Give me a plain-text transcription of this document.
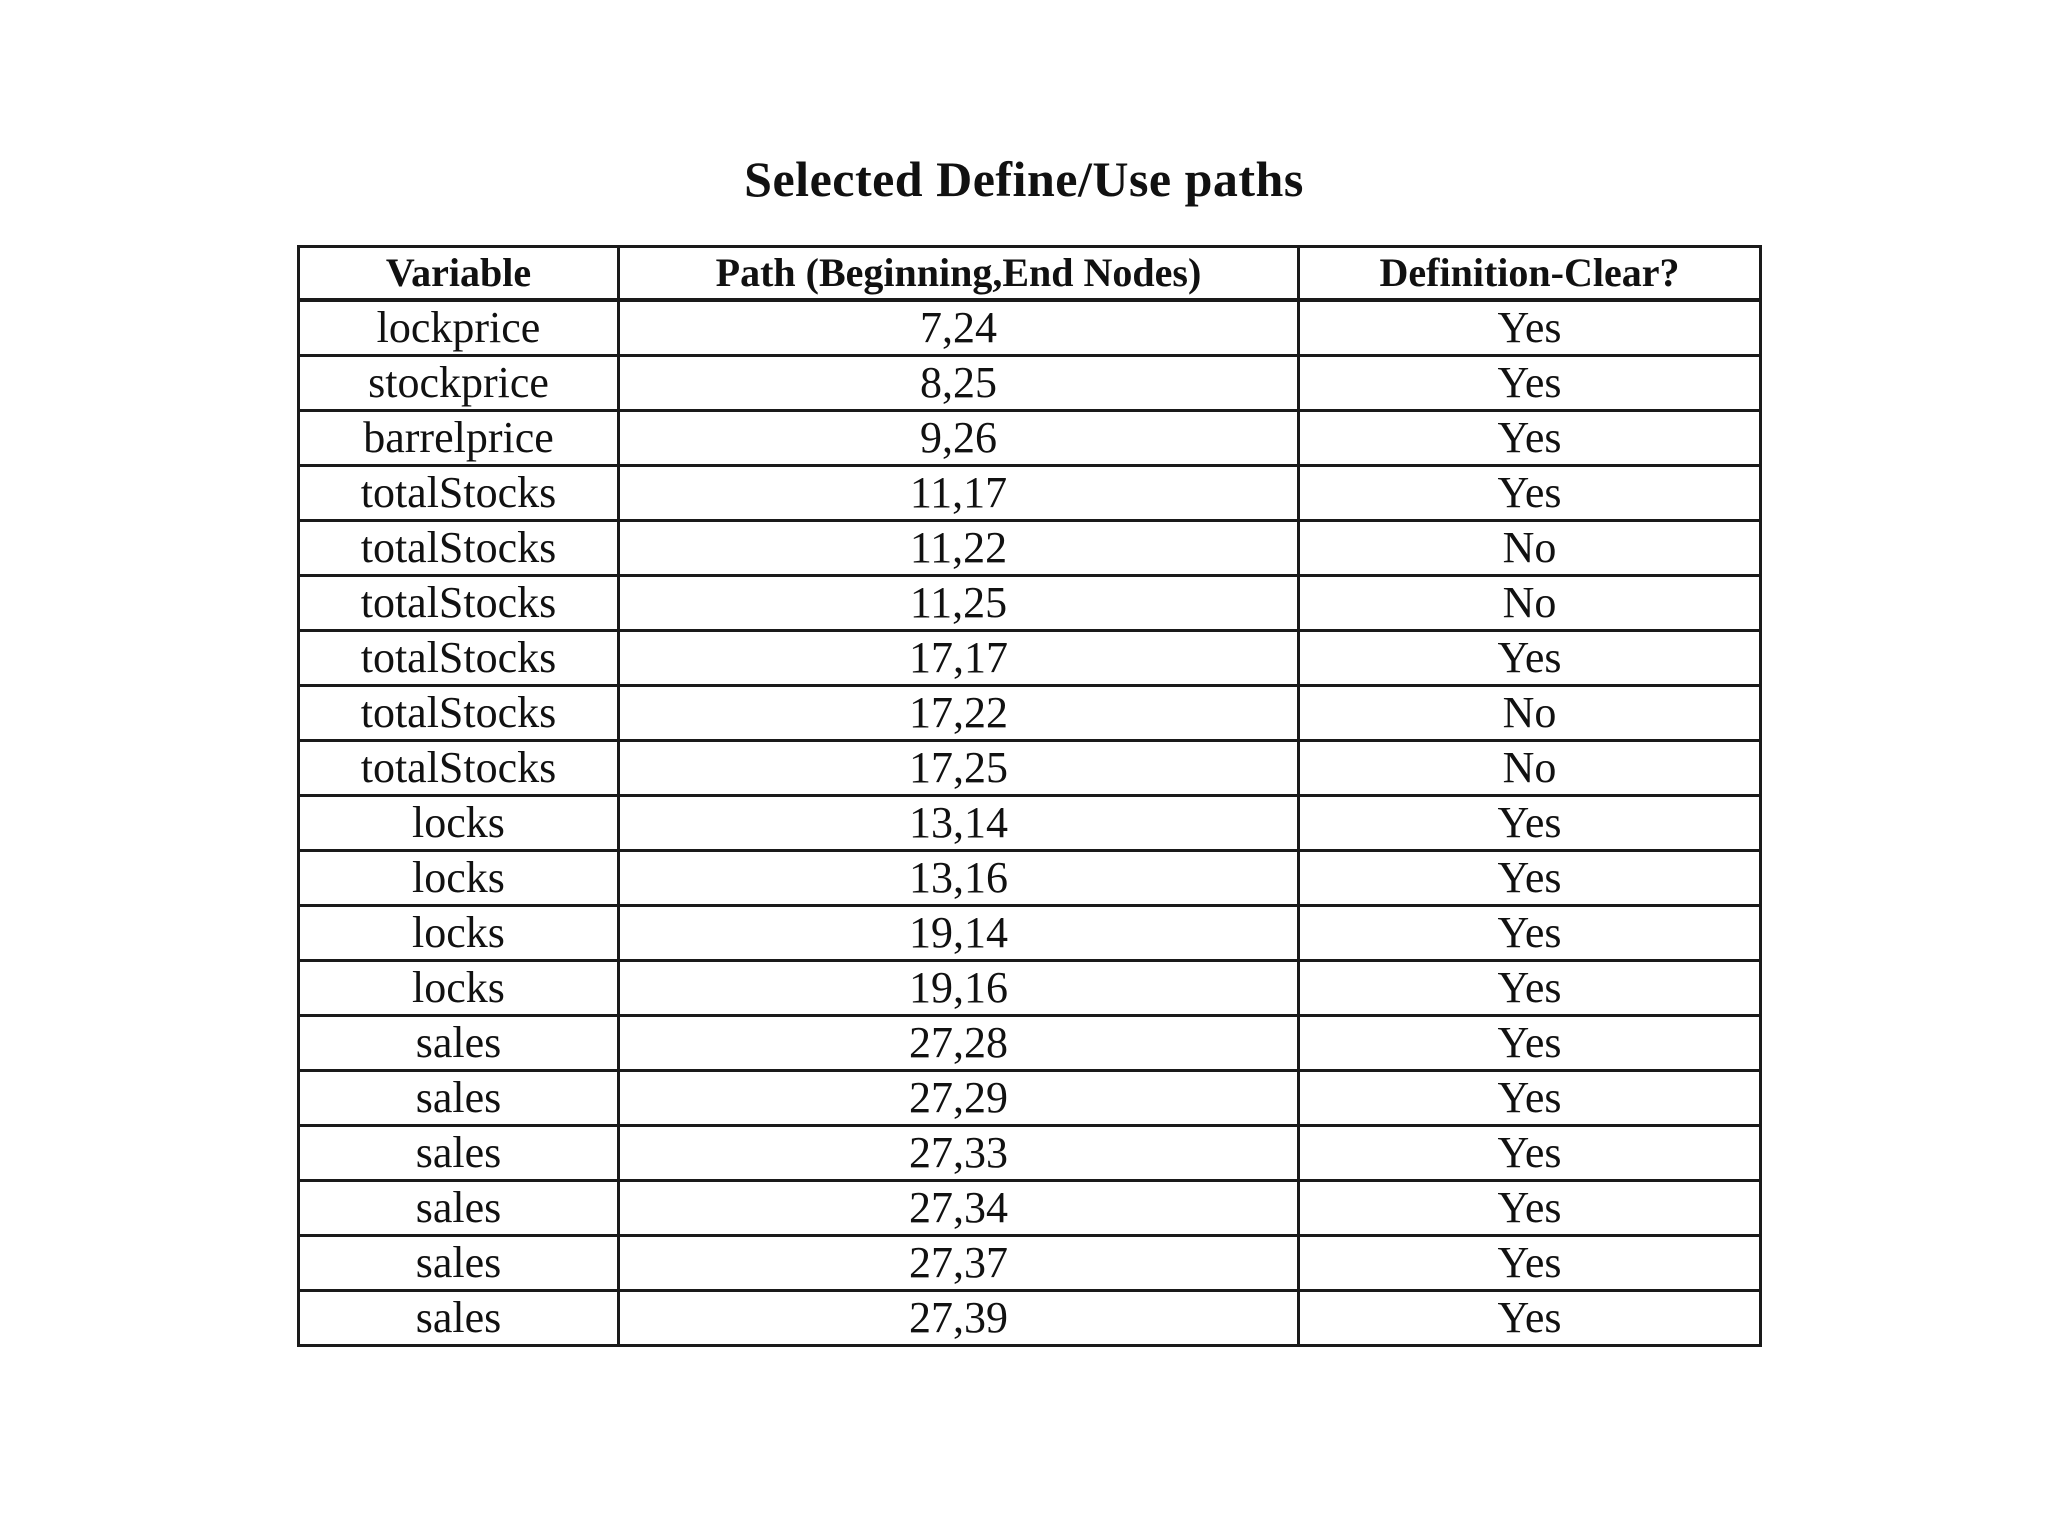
Selected Define/Use paths
Variable	Path (Beginning,End Nodes)	Definition-Clear?
lockprice	7,24	Yes
stockprice	8,25	Yes
barrelprice	9,26	Yes
totalStocks	11,17	Yes
totalStocks	11,22	No
totalStocks	11,25	No
totalStocks	17,17	Yes
totalStocks	17,22	No
totalStocks	17,25	No
locks	13,14	Yes
locks	13,16	Yes
locks	19,14	Yes
locks	19,16	Yes
sales	27,28	Yes
sales	27,29	Yes
sales	27,33	Yes
sales	27,34	Yes
sales	27,37	Yes
sales	27,39	Yes
